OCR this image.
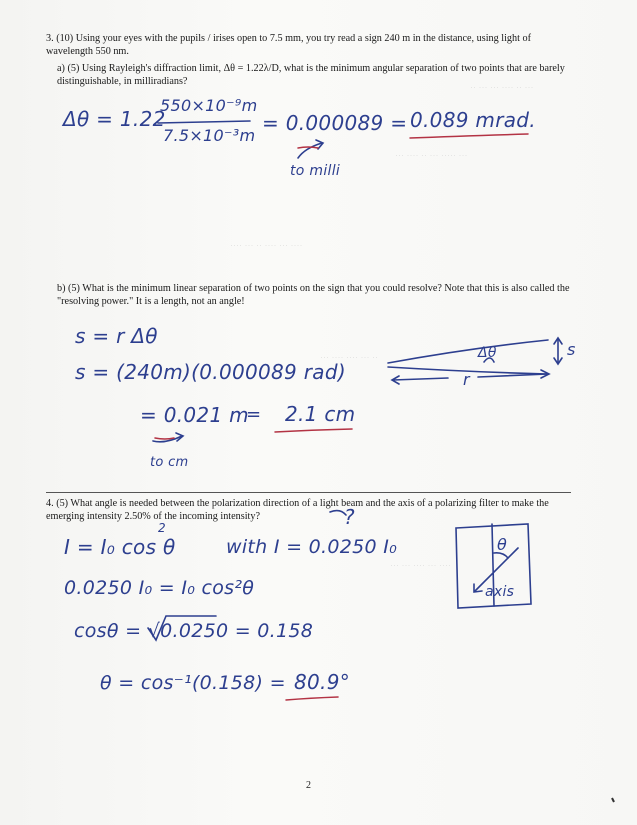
·· ··· ··· ···· ·· ···
··· ···· ·· ··· ····· ···
···· ··· ·· ···· ··· ····
··· ···· ···· ··· ··
··· ··· ···· ··· ····
3. (10) Using your eyes with the pupils / irises open to 7.5 mm, you try read a sign 240 m in the distance, using light of wavelength 550 nm.
a) (5) Using Rayleigh's diffraction limit, Δθ = 1.22λ/D, what is the minimum angular separation of two points that are barely distinguishable, in milliradians?
b) (5) What is the minimum linear separation of two points on the sign that you could resolve? Note that this is also called the "resolving power." It is a length, not an angle!
4. (5) What angle is needed between the polarization direction of a light beam and the axis of a polarizing filter to make the emerging intensity 2.50% of the incoming intensity?
Δθ = 1.22
550×10⁻⁹m
7.5×10⁻³m
= 0.000089 = 0.089 mrad.
to milli
s = r Δθ
s = (240m)(0.000089 rad)
= 0.021 m
= 2.1 cm
to cm
Δθ
r
s
?
2
I = I₀ cos θ	with I = 0.0250 I₀
0.0250 I₀ = I₀ cos²θ
cosθ = √0.0250 = 0.158
θ = cos⁻¹(0.158) = 80.9°
θ
axis
2
